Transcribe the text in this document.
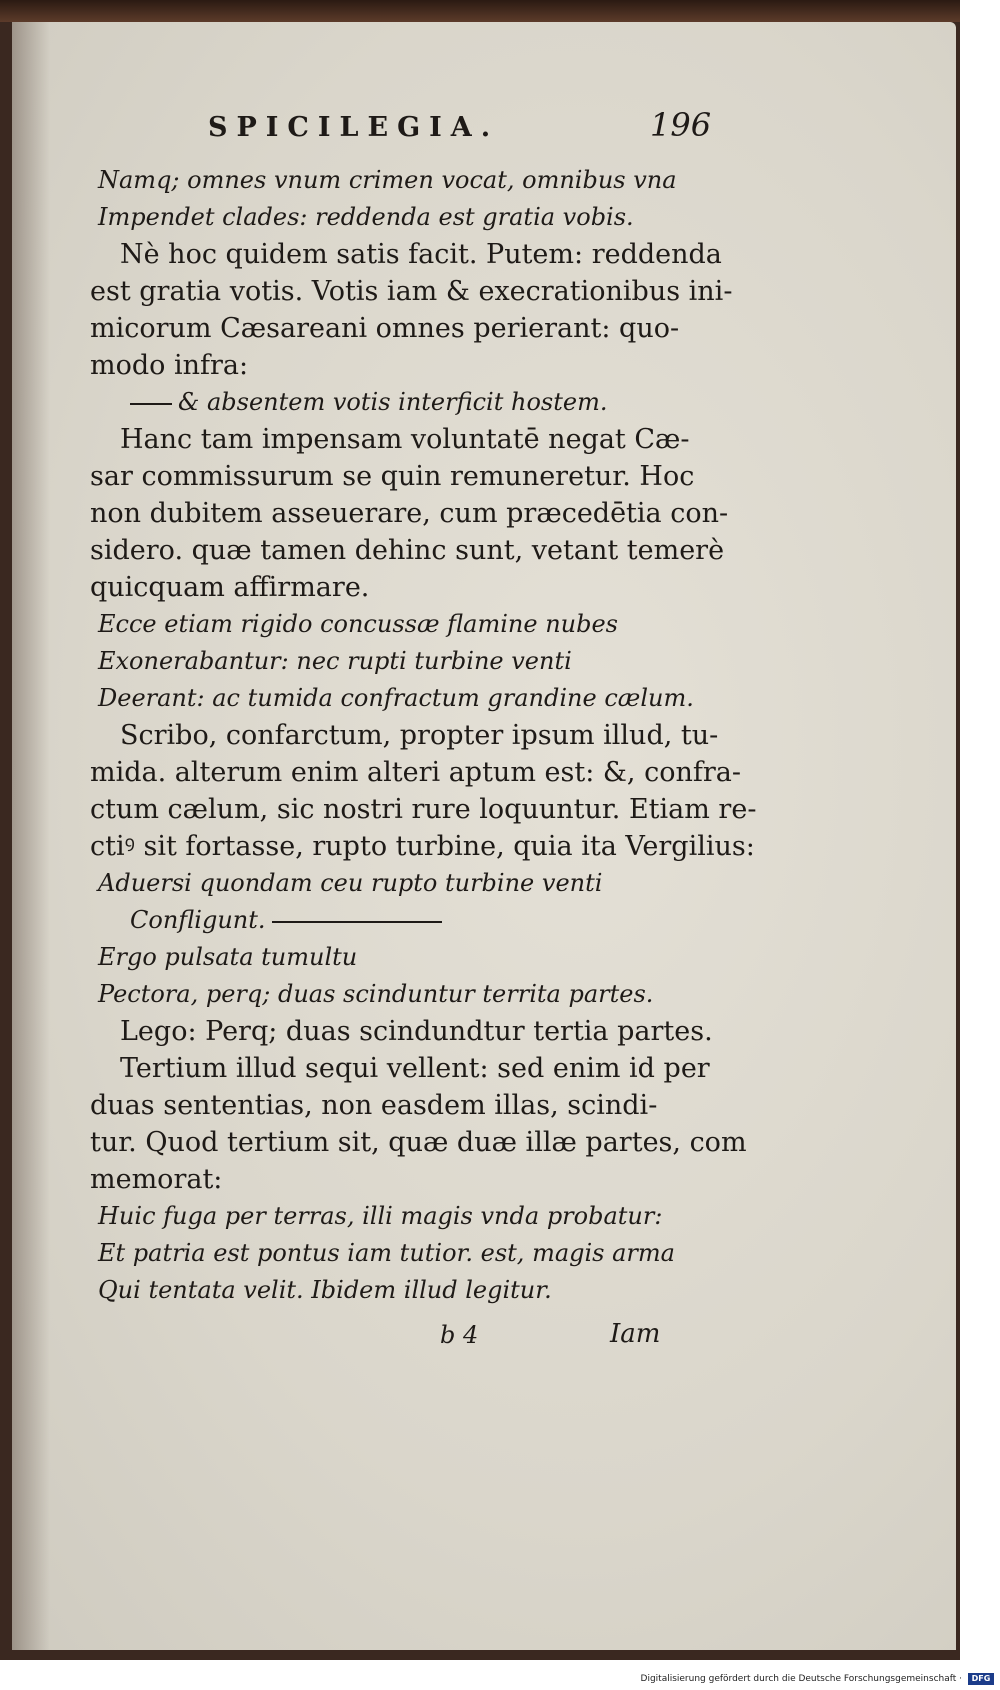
SPICILEGIA.	196
Namq; omnes vnum crimen vocat, omnibus vna
Impendet clades: reddenda est gratia vobis.
Nè hoc quidem satis facit. Putem: reddenda
est gratia votis. Votis iam & execrationibus ini-
micorum Cæsareani omnes perierant: quo-
modo infra:
& absentem votis interficit hostem.
Hanc tam impensam voluntatē negat Cæ-
sar commissurum se quin remuneretur. Hoc
non dubitem asseuerare, cum præcedētia con-
sidero. quæ tamen dehinc sunt, vetant temerè
quicquam affirmare.
Ecce etiam rigido concussæ flamine nubes
Exonerabantur: nec rupti turbine venti
Deerant: ac tumida confractum grandine cælum.
Scribo, confarctum, propter ipsum illud, tu-
mida. alterum enim alteri aptum est: &, confra-
ctum cælum, sic nostri rure loquuntur. Etiam re-
ctiꝰ sit fortasse, rupto turbine, quia ita Vergilius:
Aduersi quondam ceu rupto turbine venti
Confligunt.
Ergo pulsata tumultu
Pectora, perq; duas scinduntur territa partes.
Lego: Perq; duas scindundtur tertia partes.
Tertium illud sequi vellent: sed enim id per
duas sententias, non easdem illas, scindi-
tur. Quod tertium sit, quæ duæ illæ partes, com
memorat:
Huic fuga per terras, illi magis vnda probatur:
Et patria est pontus iam tutior. est, magis arma
Qui tentata velit. Ibidem illud legitur.
b 4	Iam
Digitalisierung gefördert durch die Deutsche Forschungsgemeinschaft ·	DFG
